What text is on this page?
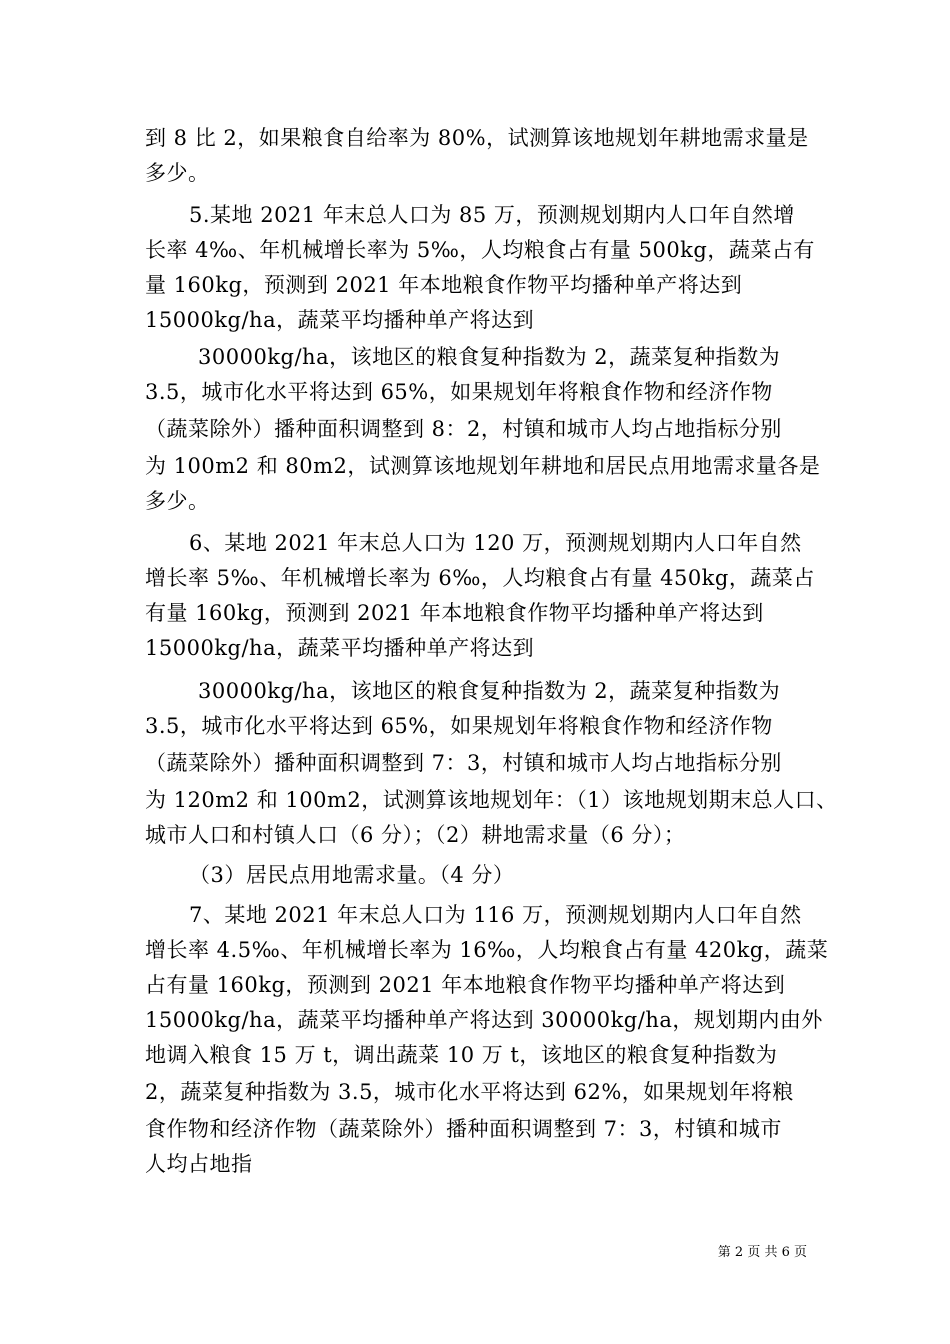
到 8 比 2，如果粮食自给率为 80%，试测算该地规划年耕地需求量是
多少。
5.某地 2021 年末总人口为 85 万，预测规划期内人口年自然增
长率 4‰、年机械增长率为 5‰，人均粮食占有量 500kg，蔬菜占有
量 160kg，预测到 2021 年本地粮食作物平均播种单产将达到
15000kg/ha，蔬菜平均播种单产将达到
30000kg/ha，该地区的粮食复种指数为 2，蔬菜复种指数为
3.5，城市化水平将达到 65%，如果规划年将粮食作物和经济作物
（蔬菜除外）播种面积调整到 8：2，村镇和城市人均占地指标分别
为 100m2 和 80m2，试测算该地规划年耕地和居民点用地需求量各是
多少。
6、某地 2021 年末总人口为 120 万，预测规划期内人口年自然
增长率 5‰、年机械增长率为 6‰，人均粮食占有量 450kg，蔬菜占
有量 160kg，预测到 2021 年本地粮食作物平均播种单产将达到
15000kg/ha，蔬菜平均播种单产将达到
30000kg/ha，该地区的粮食复种指数为 2，蔬菜复种指数为
3.5，城市化水平将达到 65%，如果规划年将粮食作物和经济作物
（蔬菜除外）播种面积调整到 7：3，村镇和城市人均占地指标分别
为 120m2 和 100m2，试测算该地规划年：（1）该地规划期末总人口、
城市人口和村镇人口（6 分）；（2）耕地需求量（6 分）；
（3）居民点用地需求量。（4 分）
7、某地 2021 年末总人口为 116 万，预测规划期内人口年自然
增长率 4.5‰、年机械增长率为 16‰，人均粮食占有量 420kg，蔬菜
占有量 160kg，预测到 2021 年本地粮食作物平均播种单产将达到
15000kg/ha，蔬菜平均播种单产将达到 30000kg/ha，规划期内由外
地调入粮食 15 万 t，调出蔬菜 10 万 t，该地区的粮食复种指数为
2，蔬菜复种指数为 3.5，城市化水平将达到 62%，如果规划年将粮
食作物和经济作物（蔬菜除外）播种面积调整到 7：3，村镇和城市
人均占地指
第 2 页 共 6 页
